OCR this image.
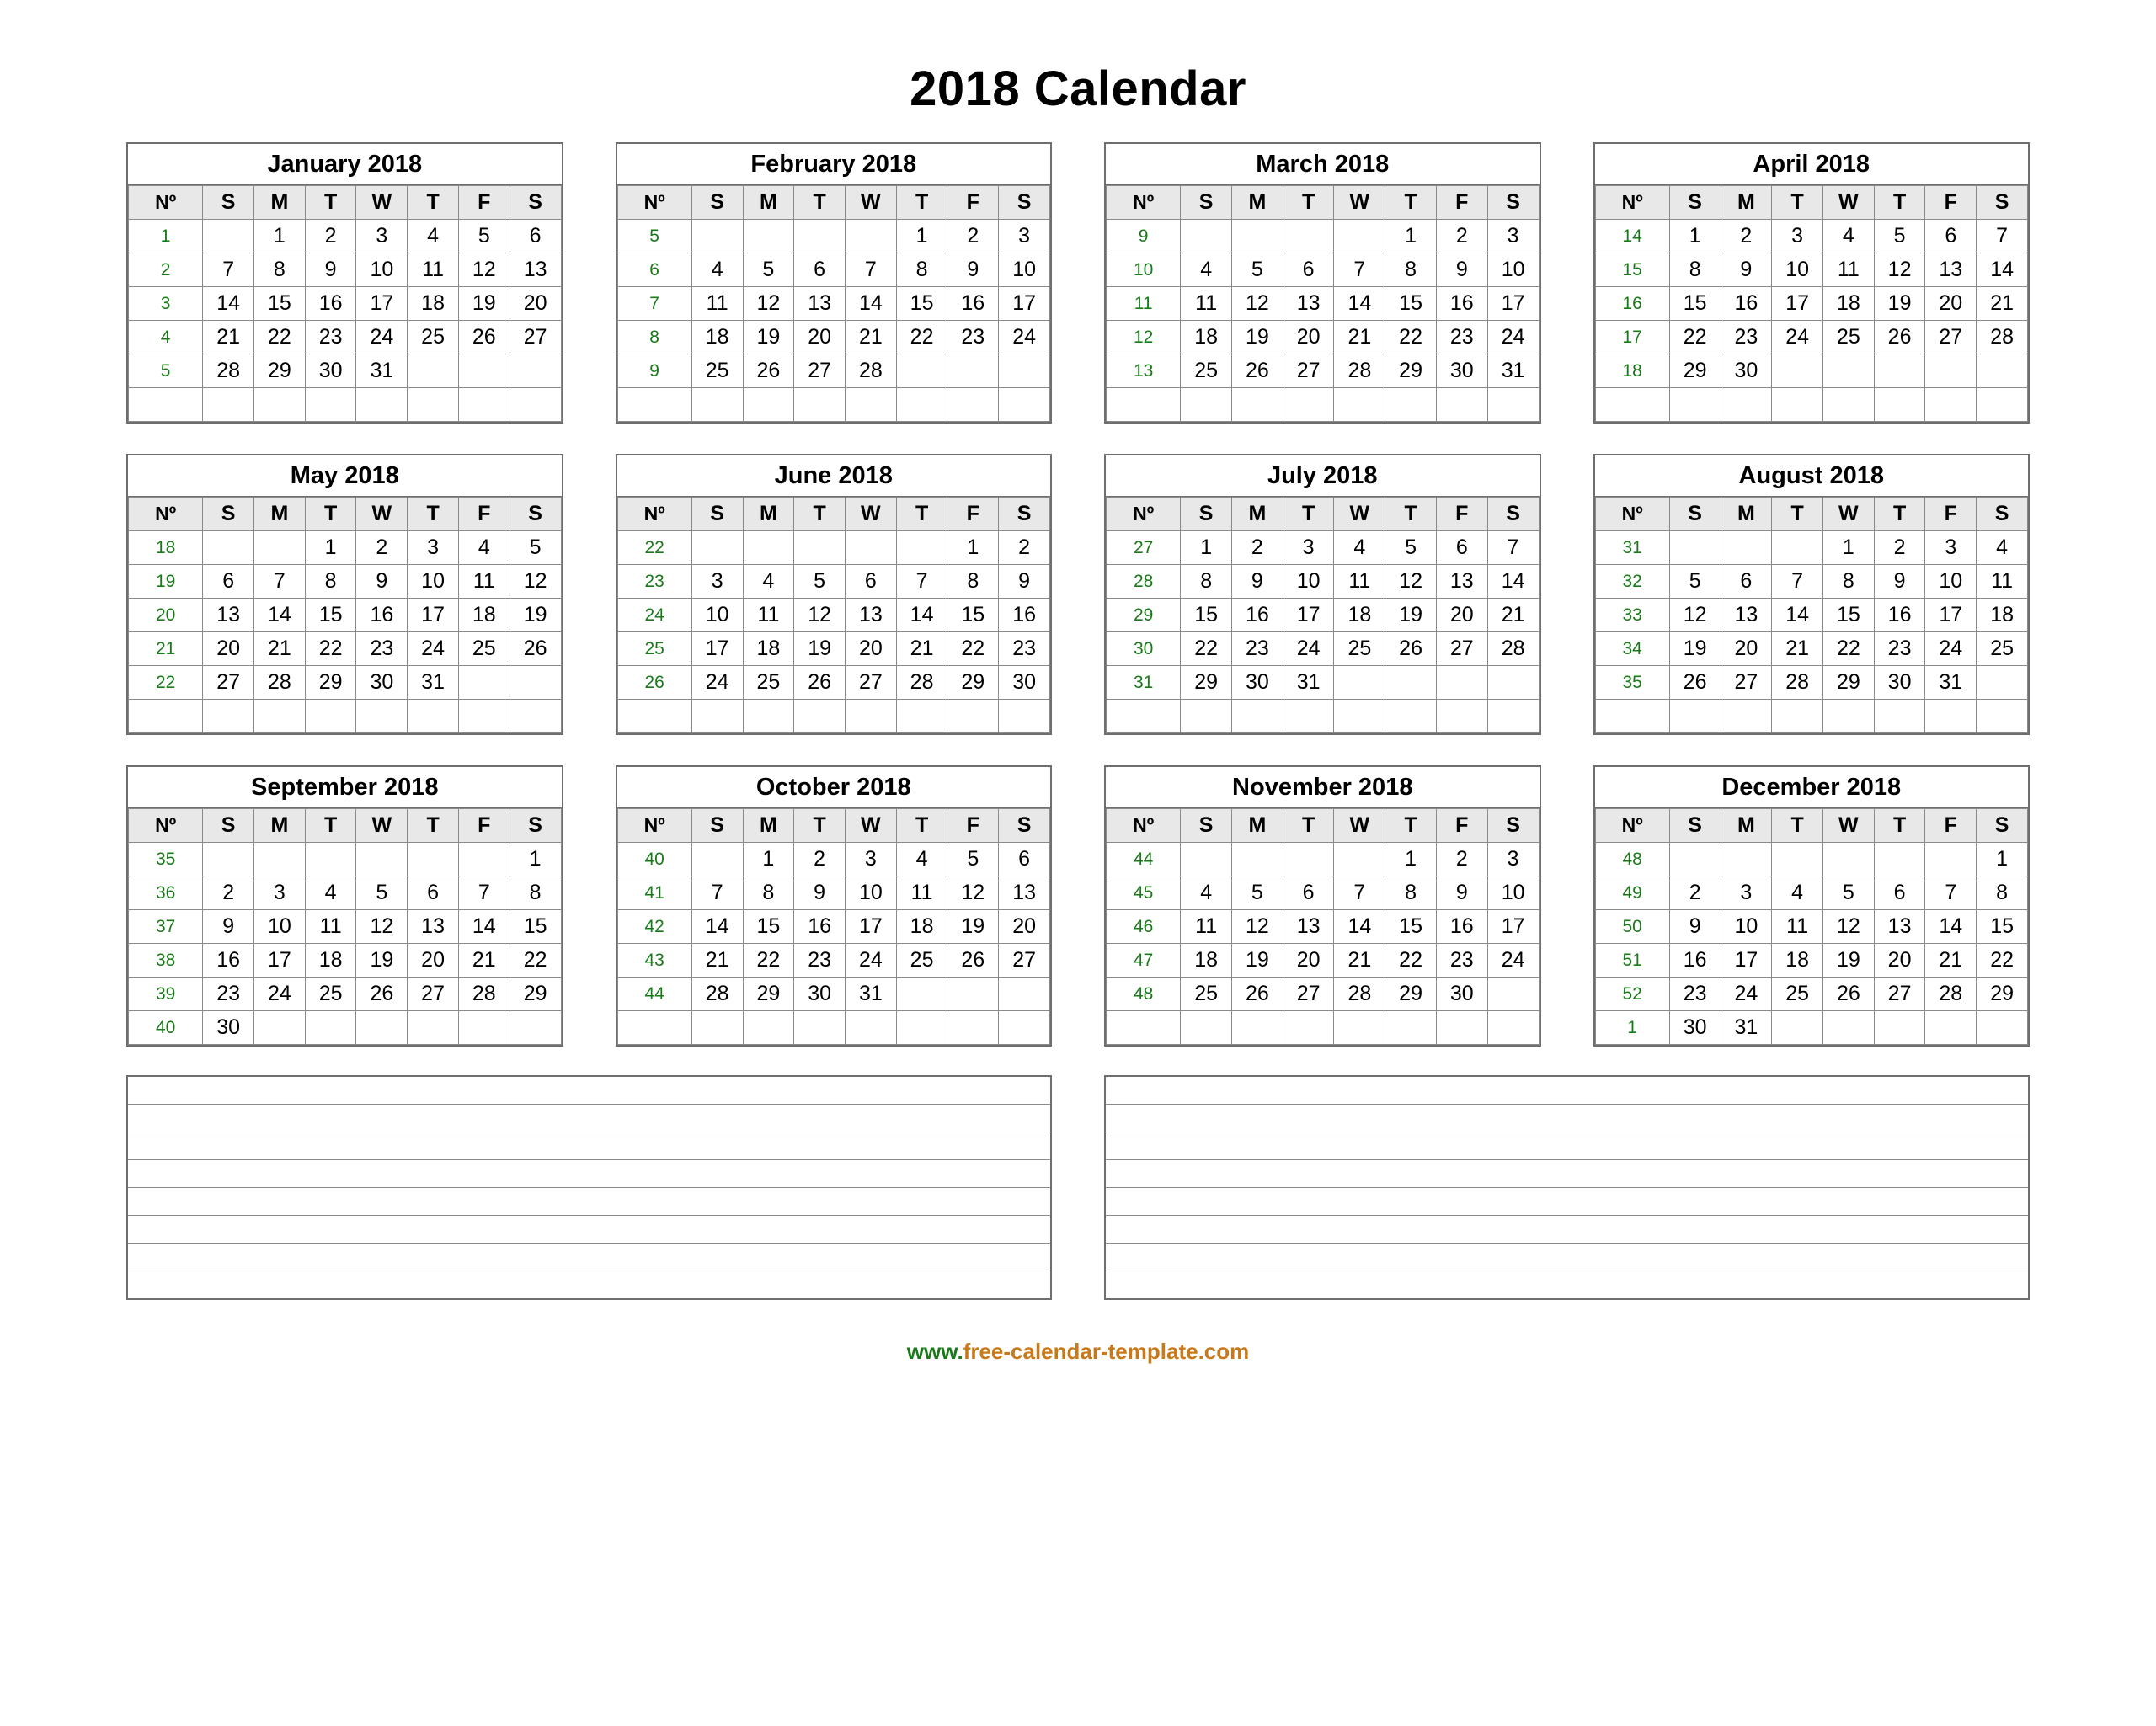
2018 Calendar
January 2018
Nº	S	M	T	W	T	F	S
1		1	2	3	4	5	6
2	7	8	9	10	11	12	13
3	14	15	16	17	18	19	20
4	21	22	23	24	25	26	27
5	28	29	30	31			

February 2018
Nº	S	M	T	W	T	F	S
5					1	2	3
6	4	5	6	7	8	9	10
7	11	12	13	14	15	16	17
8	18	19	20	21	22	23	24
9	25	26	27	28			

March 2018
Nº	S	M	T	W	T	F	S
9					1	2	3
10	4	5	6	7	8	9	10
11	11	12	13	14	15	16	17
12	18	19	20	21	22	23	24
13	25	26	27	28	29	30	31

April 2018
Nº	S	M	T	W	T	F	S
14	1	2	3	4	5	6	7
15	8	9	10	11	12	13	14
16	15	16	17	18	19	20	21
17	22	23	24	25	26	27	28
18	29	30					

May 2018
Nº	S	M	T	W	T	F	S
18			1	2	3	4	5
19	6	7	8	9	10	11	12
20	13	14	15	16	17	18	19
21	20	21	22	23	24	25	26
22	27	28	29	30	31		

June 2018
Nº	S	M	T	W	T	F	S
22						1	2
23	3	4	5	6	7	8	9
24	10	11	12	13	14	15	16
25	17	18	19	20	21	22	23
26	24	25	26	27	28	29	30

July 2018
Nº	S	M	T	W	T	F	S
27	1	2	3	4	5	6	7
28	8	9	10	11	12	13	14
29	15	16	17	18	19	20	21
30	22	23	24	25	26	27	28
31	29	30	31				

August 2018
Nº	S	M	T	W	T	F	S
31				1	2	3	4
32	5	6	7	8	9	10	11
33	12	13	14	15	16	17	18
34	19	20	21	22	23	24	25
35	26	27	28	29	30	31	

September 2018
Nº	S	M	T	W	T	F	S
35							1
36	2	3	4	5	6	7	8
37	9	10	11	12	13	14	15
38	16	17	18	19	20	21	22
39	23	24	25	26	27	28	29
40	30						
October 2018
Nº	S	M	T	W	T	F	S
40		1	2	3	4	5	6
41	7	8	9	10	11	12	13
42	14	15	16	17	18	19	20
43	21	22	23	24	25	26	27
44	28	29	30	31			

November 2018
Nº	S	M	T	W	T	F	S
44					1	2	3
45	4	5	6	7	8	9	10
46	11	12	13	14	15	16	17
47	18	19	20	21	22	23	24
48	25	26	27	28	29	30	

December 2018
Nº	S	M	T	W	T	F	S
48							1
49	2	3	4	5	6	7	8
50	9	10	11	12	13	14	15
51	16	17	18	19	20	21	22
52	23	24	25	26	27	28	29
1	30	31					
www.free-calendar-template.com
